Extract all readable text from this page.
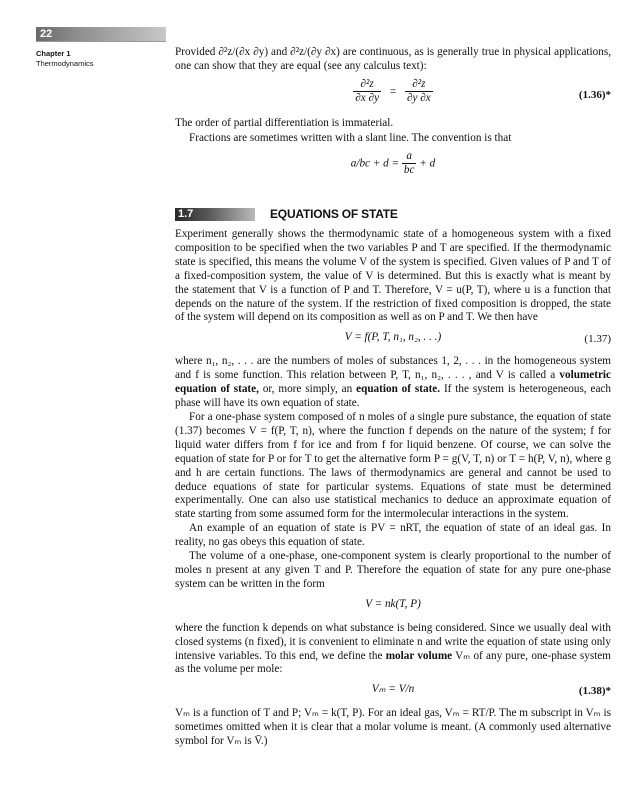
22
Chapter 1
Thermodynamics

Provided ∂²z/(∂x ∂y) and ∂²z/(∂y ∂x) are continuous, as is generally true in physical applications, one can show that they are equal (see any calculus text):

$\frac{\text{∂²z}}{\partial x \partial y} = \frac{\text{∂²z}}{\partial y \partial x}$	(1.36)*

The order of partial differentiation is immaterial.

Fractions are sometimes written with a slant line. The convention is that

$a/bc + d = \frac{a}{bc} + d$
1.7	EQUATIONS OF STATE

Experiment generally shows the thermodynamic state of a homogeneous system with a fixed composition to be specified when the two variables P and T are specified. If the thermodynamic state is specified, this means the volume V of the system is specified. Given values of P and T of a fixed-composition system, the value of V is determined. But this is exactly what is meant by the statement that V is a function of P and T. Therefore, V = u(P, T), where u is a function that depends on the nature of the system. If the restriction of fixed composition is dropped, the state of the system will depend on its composition as well as on P and T. We then have

V = f(P, T, n₁, n₂, . . .)	(1.37)

where n₁, n₂, . . . are the numbers of moles of substances 1, 2, . . . in the homogeneous system and f is some function. This relation between P, T, n₁, n₂, . . . , and V is called a volumetric equation of state, or, more simply, an equation of state. If the system is heterogeneous, each phase will have its own equation of state.

For a one-phase system composed of n moles of a single pure substance, the equation of state (1.37) becomes V = f(P, T, n), where the function f depends on the nature of the system; f for liquid water differs from f for ice and from f for liquid benzene. Of course, we can solve the equation of state for P or for T to get the alternative form P = g(V, T, n) or T = h(P, V, n), where g and h are certain functions. The laws of thermodynamics are general and cannot be used to deduce equations of state for particular systems. Equations of state must be determined experimentally. One can also use statistical mechanics to deduce an approximate equation of state starting from some assumed form for the intermolecular interactions in the system.

An example of an equation of state is PV = nRT, the equation of state of an ideal gas. In reality, no gas obeys this equation of state.

The volume of a one-phase, one-component system is clearly proportional to the number of moles n present at any given T and P. Therefore the equation of state for any pure one-phase system can be written in the form

V = nk(T, P)

where the function k depends on what substance is being considered. Since we usually deal with closed systems (n fixed), it is convenient to eliminate n and write the equation of state using only intensive variables. To this end, we define the molar volume Vₘ of any pure, one-phase system as the volume per mole:

Vₘ = V/n	(1.38)*

Vₘ is a function of T and P; Vₘ = k(T, P). For an ideal gas, Vₘ = RT/P. The m subscript in Vₘ is sometimes omitted when it is clear that a molar volume is meant. (A commonly used alternative symbol for Vₘ is V̄.)
